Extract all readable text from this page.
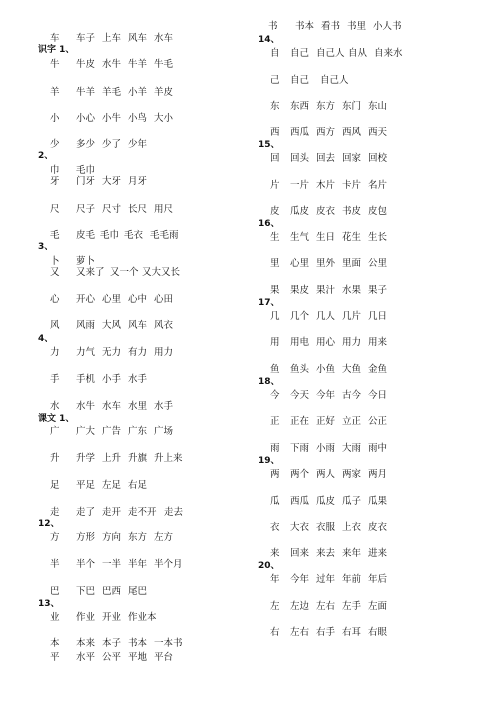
车 车子 上车 风车 水车
识字 1、
牛 牛皮 水牛 牛羊 牛毛
羊 牛羊 羊毛 小羊 羊皮
小 小心 小牛 小鸟 大小
少 多少 少了 少年
2、
巾 毛巾
牙 门牙 大牙 月牙
尺 尺子 尺寸 长尺 用尺
毛 皮毛 毛巾 毛衣 毛毛雨
3、
卜 萝卜
又 又来了 又一个 又大又长
心 开心 心里 心中 心田
风 风雨 大风 风车 风衣
4、
力 力气 无力 有力 用力
手 手机 小手 水手
水 水牛 水车 水里 水手
课文 1、
广 广大 广告 广东 广场
升 升学 上升 升旗 升上来
足 平足 左足 右足
走 走了 走开 走不开 走去
12、
方 方形 方向 东方 左方
半 半个 一半 半年 半个月
巴 下巴 巴西 尾巴
13、
业 作业 开业 作业本
本 本来 本子 书本 一本书
平 水平 公平 平地 平台
书 书本 看书 书里 小人书
14、
自 自己 自己人 自从 自来水
己 自己 自己人
东 东西 东方 东门 东山
西 西瓜 西方 西风 西天
15、
回 回头 回去 回家 回校
片 一片 木片 卡片 名片
皮 瓜皮 皮衣 书皮 皮包
16、
生 生气 生日 花生 生长
里 心里 里外 里面 公里
果 果皮 果汁 水果 果子
17、
几 几个 几人 几片 几日
用 用电 用心 用力 用来
鱼 鱼头 小鱼 大鱼 金鱼
18、
今 今天 今年 古今 今日
正 正在 正好 立正 公正
雨 下雨 小雨 大雨 雨中
19、
两 两个 两人 两家 两月
瓜 西瓜 瓜皮 瓜子 瓜果
衣 大衣 衣服 上衣 皮衣
来 回来 来去 来年 进来
20、
年 今年 过年 年前 年后
左 左边 左右 左手 左面
右 左右 右手 右耳 右眼
